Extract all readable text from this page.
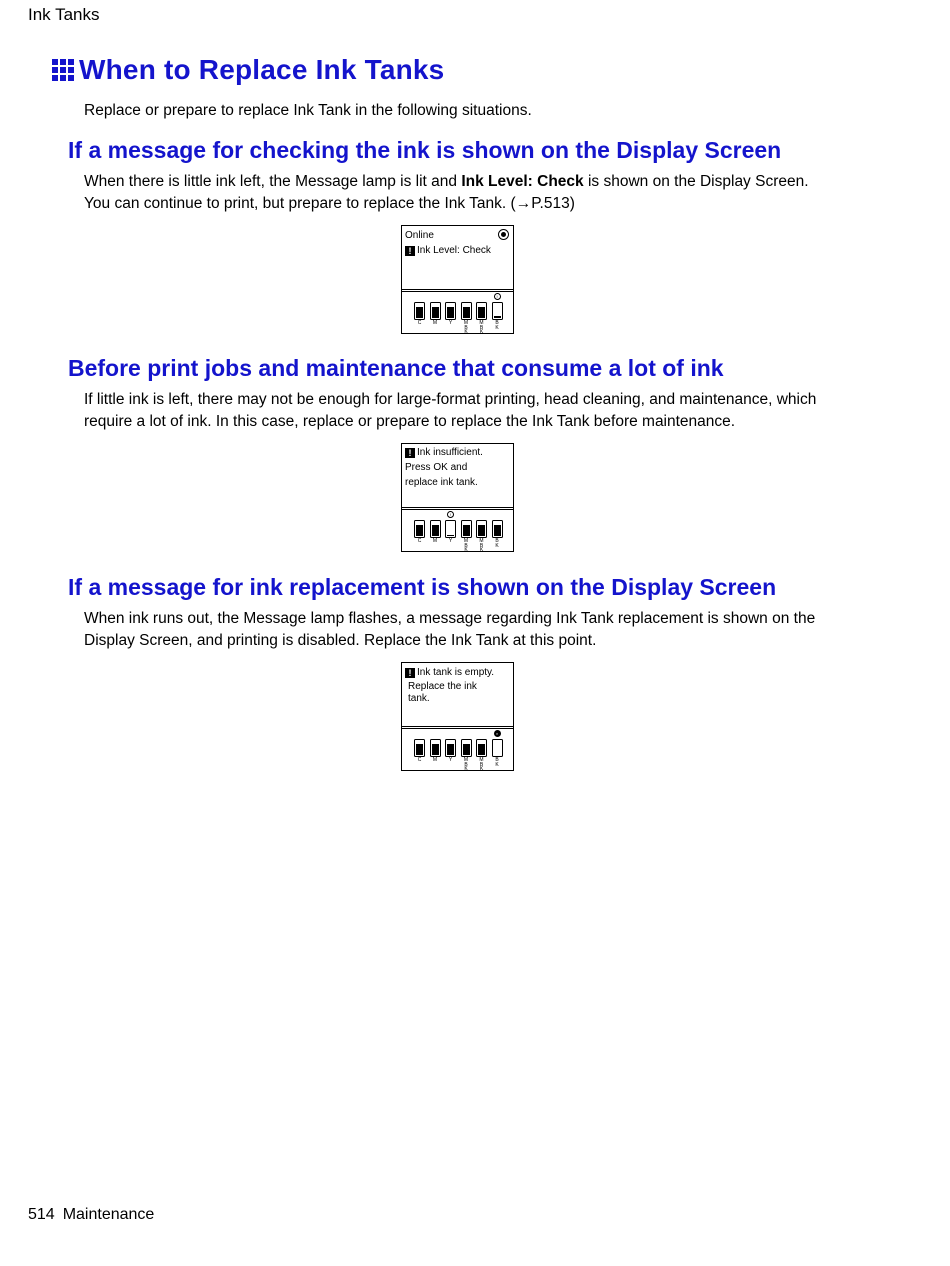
Ink Tanks
When to Replace Ink Tanks
Replace or prepare to replace Ink Tank in the following situations.
If a message for checking the ink is shown on the Display Screen
When there is little ink left, the Message lamp is lit and Ink Level: Check is shown on the Display Screen.
You can continue to print, but prepare to replace the Ink Tank. (→P.513)
Online
! Ink Level: Check
C	M	Y	M
B
K
M
B
K
B
K
!
Before print jobs and maintenance that consume a lot of ink
If little ink is left, there may not be enough for large-format printing, head cleaning, and maintenance, which
require a lot of ink. In this case, replace or prepare to replace the Ink Tank before maintenance.
! Ink insufficient.
Press OK and
replace ink tank.
C	M	Y
!
M
B
K
M
B
K
B
K
If a message for ink replacement is shown on the Display Screen
When ink runs out, the Message lamp flashes, a message regarding Ink Tank replacement is shown on the
Display Screen, and printing is disabled. Replace the Ink Tank at this point.
! Ink tank is empty.
Replace the ink
tank.
C	M	Y	M
B
K
M
B
K
B
K
×
514 Maintenance
